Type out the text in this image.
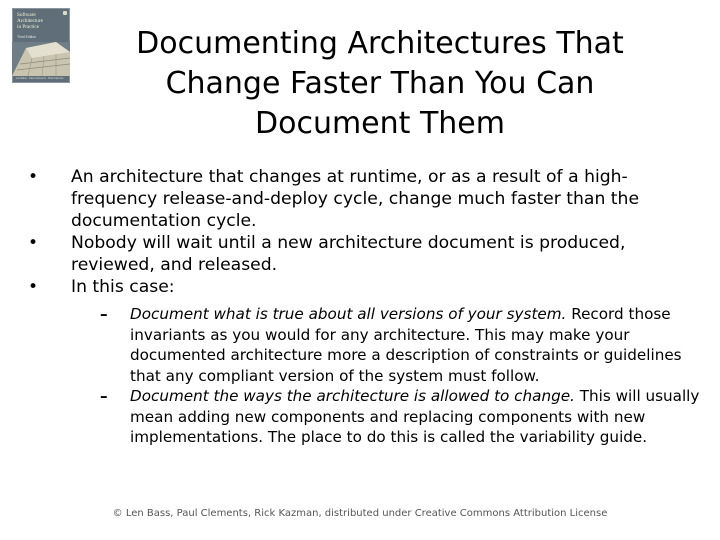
Software
Architecture
in Practice
Third Edition
Len Bass · Paul Clements · Rick Kazman
Documenting Architectures That Change Faster Than You Can Document Them
• An architecture that changes at runtime, or as a result of a high-frequency release-and-deploy cycle, change much faster than the documentation cycle.
• Nobody will wait until a new architecture document is produced, reviewed, and released.
• In this case:
–	Document what is true about all versions of your system. Record those invariants as you would for any architecture. This may make your documented architecture more a description of constraints or guidelines that any compliant version of the system must follow.
–	Document the ways the architecture is allowed to change. This will usually mean adding new components and replacing components with new implementations. The place to do this is called the variability guide.
© Len Bass, Paul Clements, Rick Kazman, distributed under Creative Commons Attribution License
